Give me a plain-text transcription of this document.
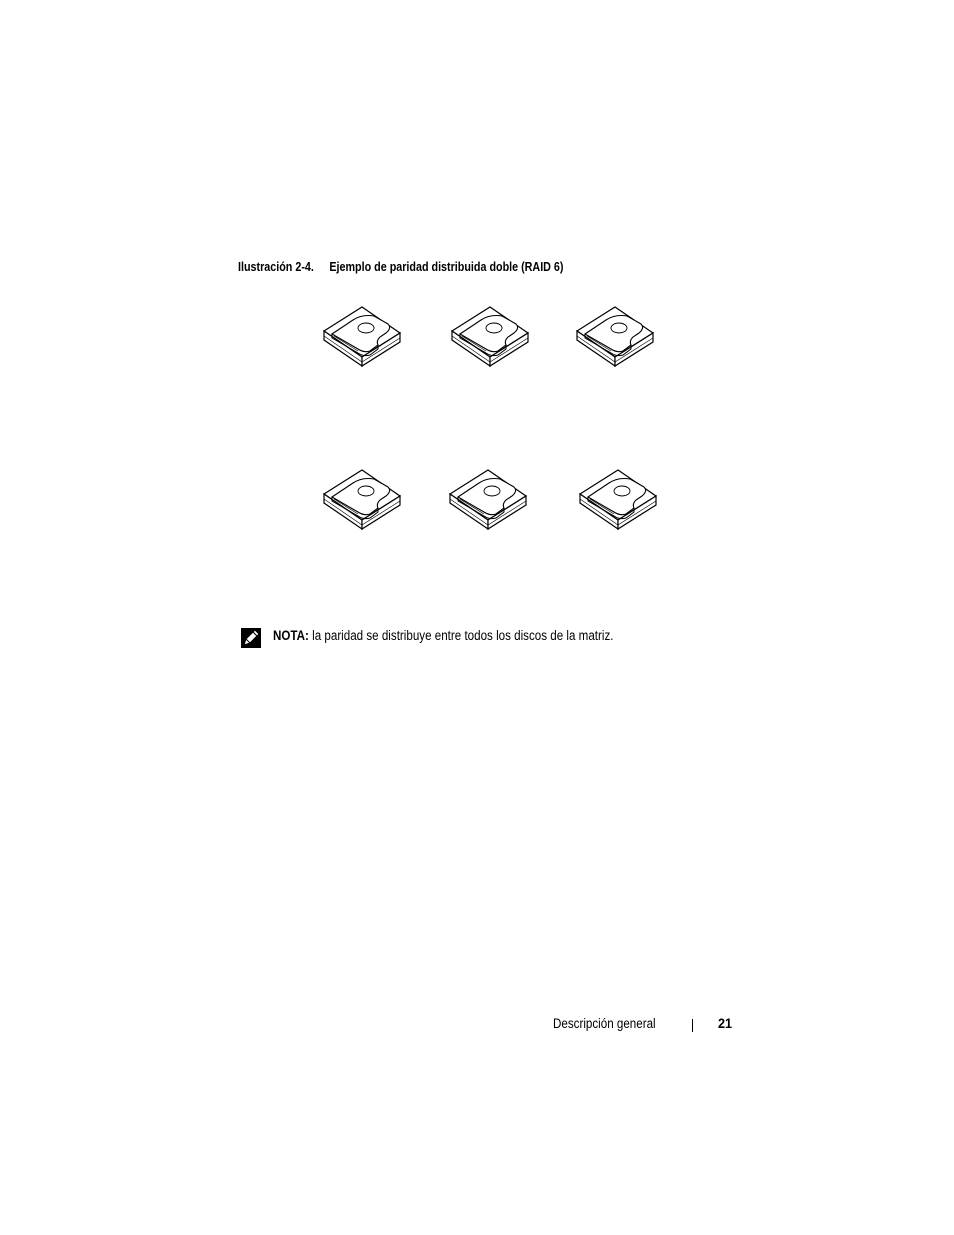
Ilustración 2-4. Ejemplo de paridad distribuida doble (RAID 6)
NOTA: la paridad se distribuye entre todos los discos de la matriz.
Descripción general	21
